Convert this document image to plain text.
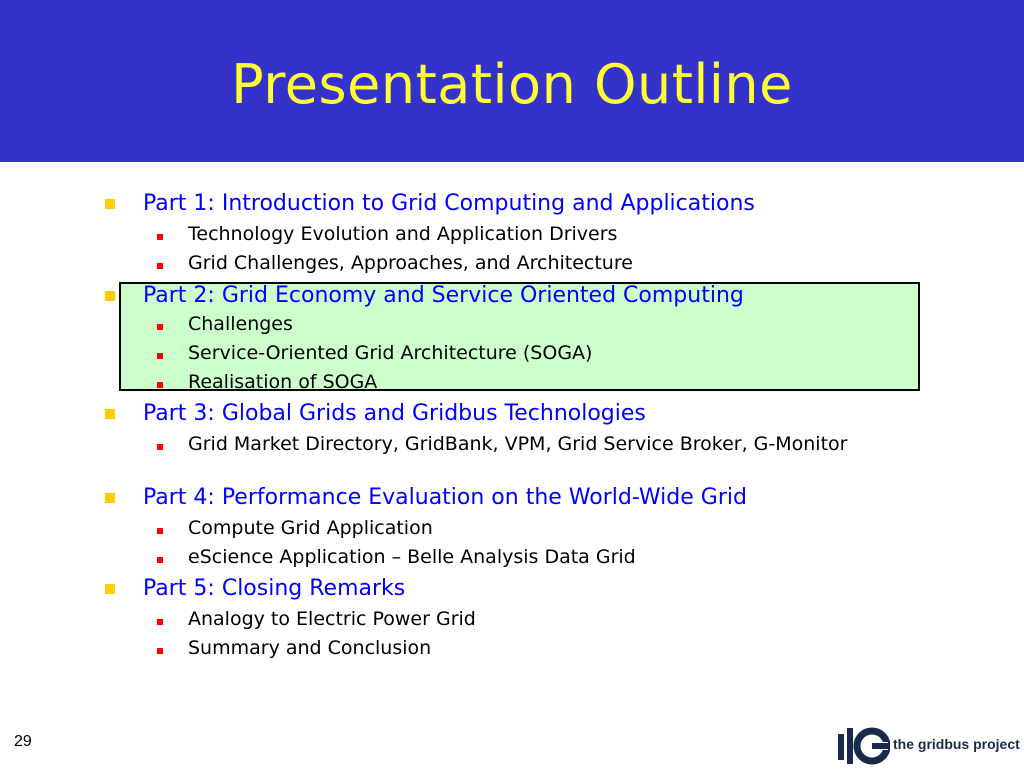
Presentation Outline
Part 1: Introduction to Grid Computing and Applications
Technology Evolution and Application Drivers
Grid Challenges, Approaches, and Architecture
Part 2: Grid Economy and Service Oriented Computing
Challenges
Service-Oriented Grid Architecture (SOGA)
Realisation of SOGA
Part 3: Global Grids and Gridbus Technologies
Grid Market Directory, GridBank, VPM, Grid Service Broker, G-Monitor
Part 4: Performance Evaluation on the World-Wide Grid
Compute Grid Application
eScience Application – Belle Analysis Data Grid
Part 5: Closing Remarks
Analogy to Electric Power Grid
Summary and Conclusion
29	the gridbus project
